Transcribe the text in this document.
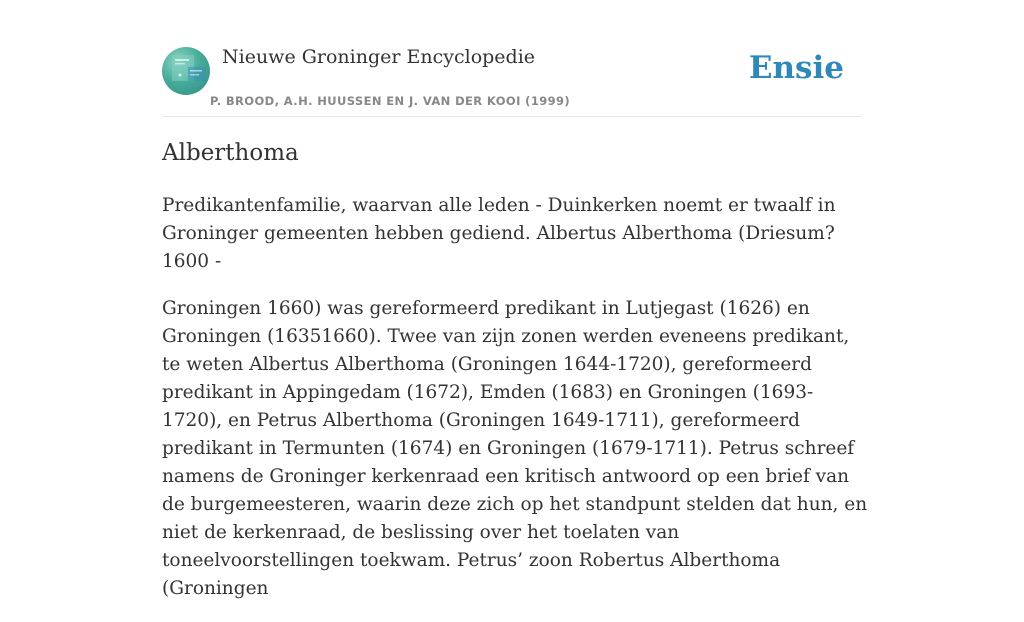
Nieuwe Groninger Encyclopedie
P. BROOD, A.H. HUUSSEN EN J. VAN DER KOOI (1999)
Ensie
Alberthoma

Predikantenfamilie, waarvan alle leden - Duinkerken noemt er twaalf in Groninger gemeenten hebben gediend. Albertus Alberthoma (Driesum? 1600 -

Groningen 1660) was gereformeerd predikant in Lutjegast (1626) en Groningen (16351660). Twee van zijn zonen werden eveneens predikant, te weten Albertus Alberthoma (Groningen 1644-1720), gereformeerd predikant in Appingedam (1672), Emden (1683) en Groningen (1693-1720), en Petrus Alberthoma (Groningen 1649-1711), gereformeerd predikant in Termunten (1674) en Groningen (1679-1711). Petrus schreef namens de Groninger kerkenraad een kritisch antwoord op een brief van de burgemeesteren, waarin deze zich op het standpunt stelden dat hun, en niet de kerkenraad, de beslissing over het toelaten van toneelvoorstellingen toekwam. Petrus’ zoon Robertus Alberthoma (Groningen
